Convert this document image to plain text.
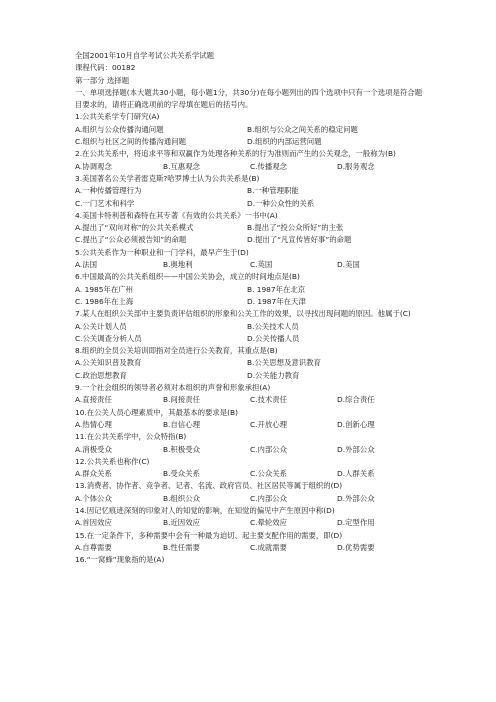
全国2001年10月自学考试公共关系学试题
课程代码：00182
第一部分 选择题
一、单项选择题(本大题共30小题，每小题1分，共30分)在每小题列出的四个选项中只有一个选项是符合题目要求的，请将正确选项前的字母填在题后的括号内。
1.公共关系学专门研究(A)
A.组织与公众传播沟通问题	B.组织与公众之间关系的稳定问题
C.组织与社区之间的传播沟通问题	D.组织的内部运营问题
2.在公共关系中，将追求平等和双赢作为处理各种关系的行为准则而产生的公关观念，一般称为(B)
A.协调观念	B.互惠观念	C.传播观念	D.服务观念
3.美国著名公关学者雷克斯?哈罗博士认为公共关系是(B)
A.一种传播管理行为	B.一种管理职能
C.一门艺术和科学	D.一种公众性的关系
4.美国卡特利普和森特在其专著《有效的公共关系》一书中(A)
A.提出了“双向对称”的公共关系模式	B.提出了“投公众所好”的主张
C.提出了“公众必须被告知”的命题	D.提出了“凡宣传皆好事”的命题
5.公共关系作为一种职业和一门学科，最早产生于(D)
A.法国	B.奥地利	C.英国	D.美国
6.中国最高的公共关系组织——中国公关协会，成立的时间地点是(B)
A. 1985年在广州	B. 1987年在北京
C. 1986年在上海	D. 1987年在天津
7.某人在组织公关部中主要负责评估组织的形象和公关工作的效果，以寻找出现问题的原因。他属于(C)
A.公关计划人员	B.公关技术人员
C.公关调查分析人员	D.公关传播人员
8.组织的全员公关培训即指对全员进行公关教育，其重点是(B)
A.公关知识普及教育	B.公关思想及意识教育
C.政治思想教育	D.公关能力教育
9.一个社会组织的领导者必须对本组织的声誉和形象承担(A)
A.直接责任	B.间接责任	C.技术责任	D.综合责任
10.在公关人员心理素质中，其最基本的要求是(B)
A.热情心理	B.自信心理	C.开放心理	D.创新心理
11.在公共关系学中，公众特指(B)
A.消极受众	B.积极受众	C.内部公众	D.外部公众
12.公共关系也称作(C)
A.群众关系	B.受众关系	C.公众关系	D.人群关系
13.消费者、协作者、竞争者、记者、名流、政府官员、社区居民等属于组织的(D)
A.个体公众	B.组织公众	C.内部公众	D.外部公众
14.因记忆痕迹深刻的印象对人的知觉的影响，在知觉的偏见中产生原因中称(D)
A.首因效应	B.近因效应	C.晕轮效应	D.定型作用
15.在一定条件下，多种需要中会有一种最为迫切、起主要支配作用的需要，即(D)
A.自尊需要	B.性任需要	C.成就需要	D.优势需要
16.“一窝蜂”现象指的是(A)
